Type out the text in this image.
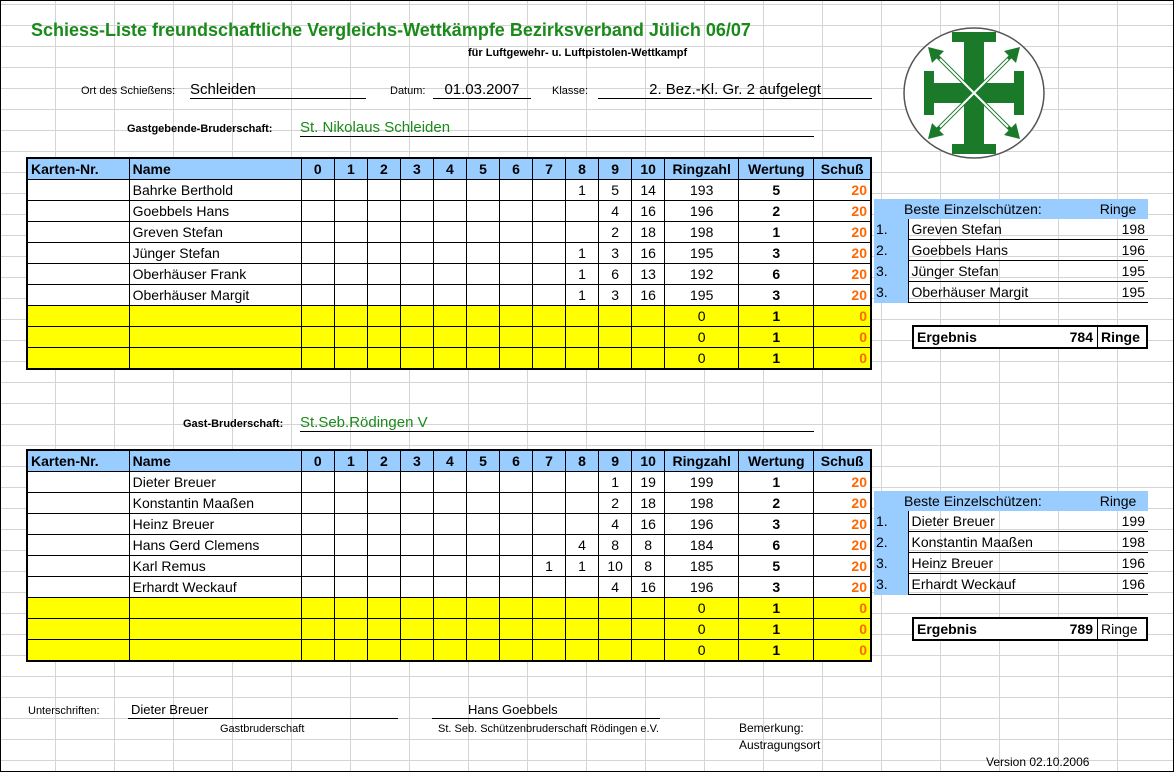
Schiess-Liste freundschaftliche Vergleichs-Wettkämpfe Bezirksverband Jülich 06/07
für Luftgewehr- u. Luftpistolen-Wettkampf
Ort des Schießens: Schleiden	Datum:	01.03.2007	Klasse:	2. Bez.-Kl. Gr. 2 aufgelegt
Gastgebende-Bruderschaft: St. Nikolaus Schleiden
Karten-Nr.	Name	0	1	2	3	4	5	6	7	8	9	10	Ringzahl	Wertung	Schuß
	Bahrke Berthold									1	5	14	193	5	20
	Goebbels Hans										4	16	196	2	20
	Greven Stefan										2	18	198	1	20
	Jünger Stefan									1	3	16	195	3	20
	Oberhäuser Frank									1	6	13	192	6	20
	Oberhäuser Margit									1	3	16	195	3	20
													0	1	0
													0	1	0
													0	1	0
Beste Einzelschützen:		Ringe
1.	Greven Stefan	198
2.	Goebbels Hans	196
3.	Jünger Stefan	195
3.	Oberhäuser Margit	195
Ergebnis	784 Ringe
Gast-Bruderschaft: St.Seb.Rödingen V
Karten-Nr.	Name	0	1	2	3	4	5	6	7	8	9	10	Ringzahl	Wertung	Schuß
	Dieter Breuer										1	19	199	1	20
	Konstantin Maaßen										2	18	198	2	20
	Heinz Breuer										4	16	196	3	20
	Hans Gerd Clemens									4	8	8	184	6	20
	Karl Remus								1	1	10	8	185	5	20
	Erhardt Weckauf										4	16	196	3	20
													0	1	0
													0	1	0
													0	1	0
Beste Einzelschützen:		Ringe
1.	Dieter Breuer	199
2.	Konstantin Maaßen	198
3.	Heinz Breuer	196
3.	Erhardt Weckauf	196
Ergebnis	789 Ringe
Unterschriften: Dieter Breuer
Gastbruderschaft
Hans Goebbels
St. Seb. Schützenbruderschaft Rödingen e.V.	Bemerkung:
Austragungsort
Version 02.10.2006
